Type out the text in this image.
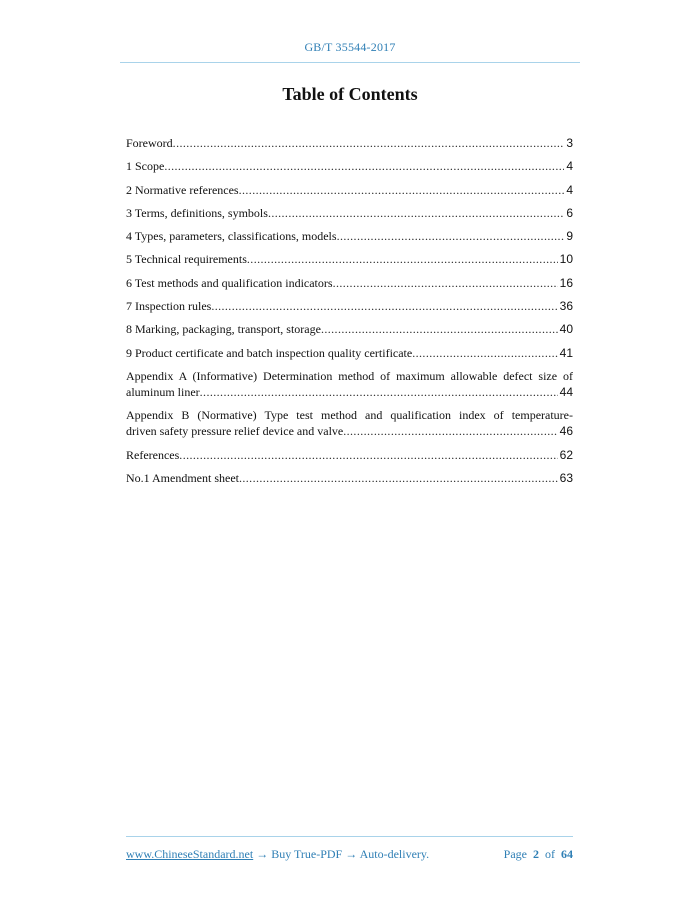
GB/T 35544-2017
Table of Contents
Foreword .....	3
1 Scope .....	4
2 Normative references .....	4
3 Terms, definitions, symbols .....	6
4 Types, parameters, classifications, models .....	9
5 Technical requirements .....	10
6 Test methods and qualification indicators .....	16
7 Inspection rules .....	36
8 Marking, packaging, transport, storage .....	40
9 Product certificate and batch inspection quality certificate .....	41
Appendix A (Informative) Determination method of maximum allowable defect size of
aluminum liner .....	44
Appendix B (Normative) Type test method and qualification index of temperature-
driven safety pressure relief device and valve .....	46
References .....	62
No.1 Amendment sheet .....	63
www.ChineseStandard.net → Buy True-PDF → Auto-delivery.	Page 2 of 64
